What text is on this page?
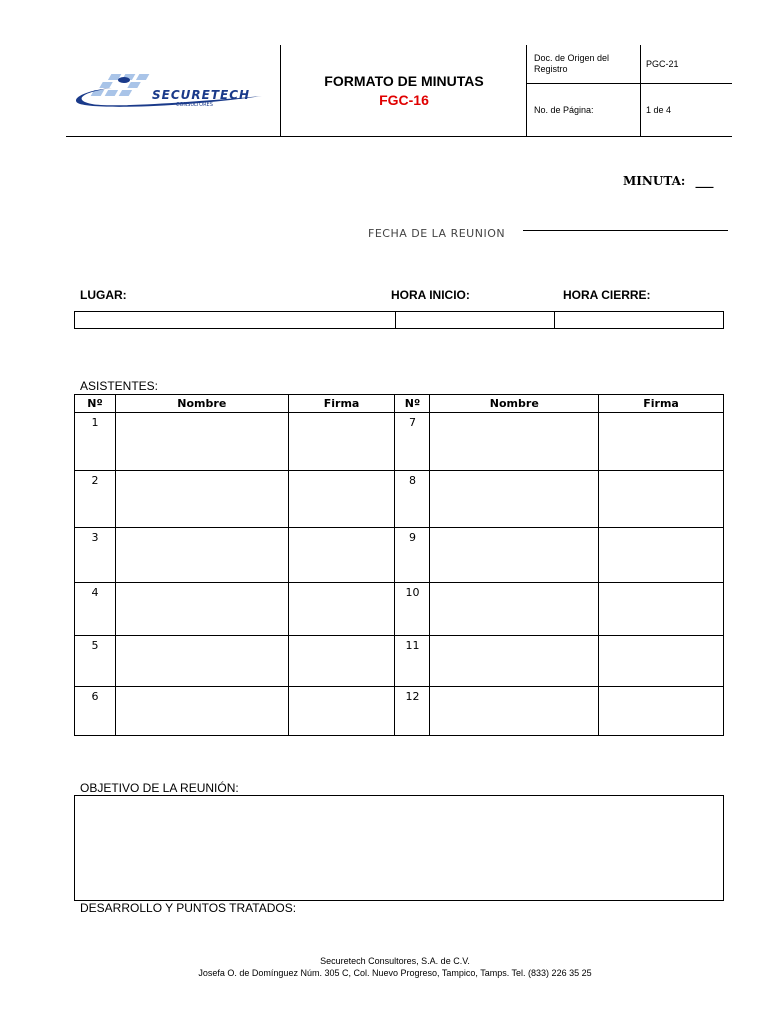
SECURETECH
CONSULTORES
FORMATO DE MINUTAS
FGC-16
Doc. de Origen del Registro	PGC-21
No. de Página:	1 de 4
MINUTA: ___
FECHA DE LA REUNION
LUGAR:	HORA INICIO:	HORA CIERRE:
ASISTENTES:
Nº	Nombre	Firma	Nº	Nombre	Firma
1			7		
2			8		
3			9		
4			10		
5			11		
6			12		
OBJETIVO DE LA REUNIÓN:
DESARROLLO Y PUNTOS TRATADOS:
Securetech Consultores, S.A. de C.V.
Josefa O. de Domínguez Núm. 305 C, Col. Nuevo Progreso, Tampico, Tamps. Tel. (833) 226 35 25
